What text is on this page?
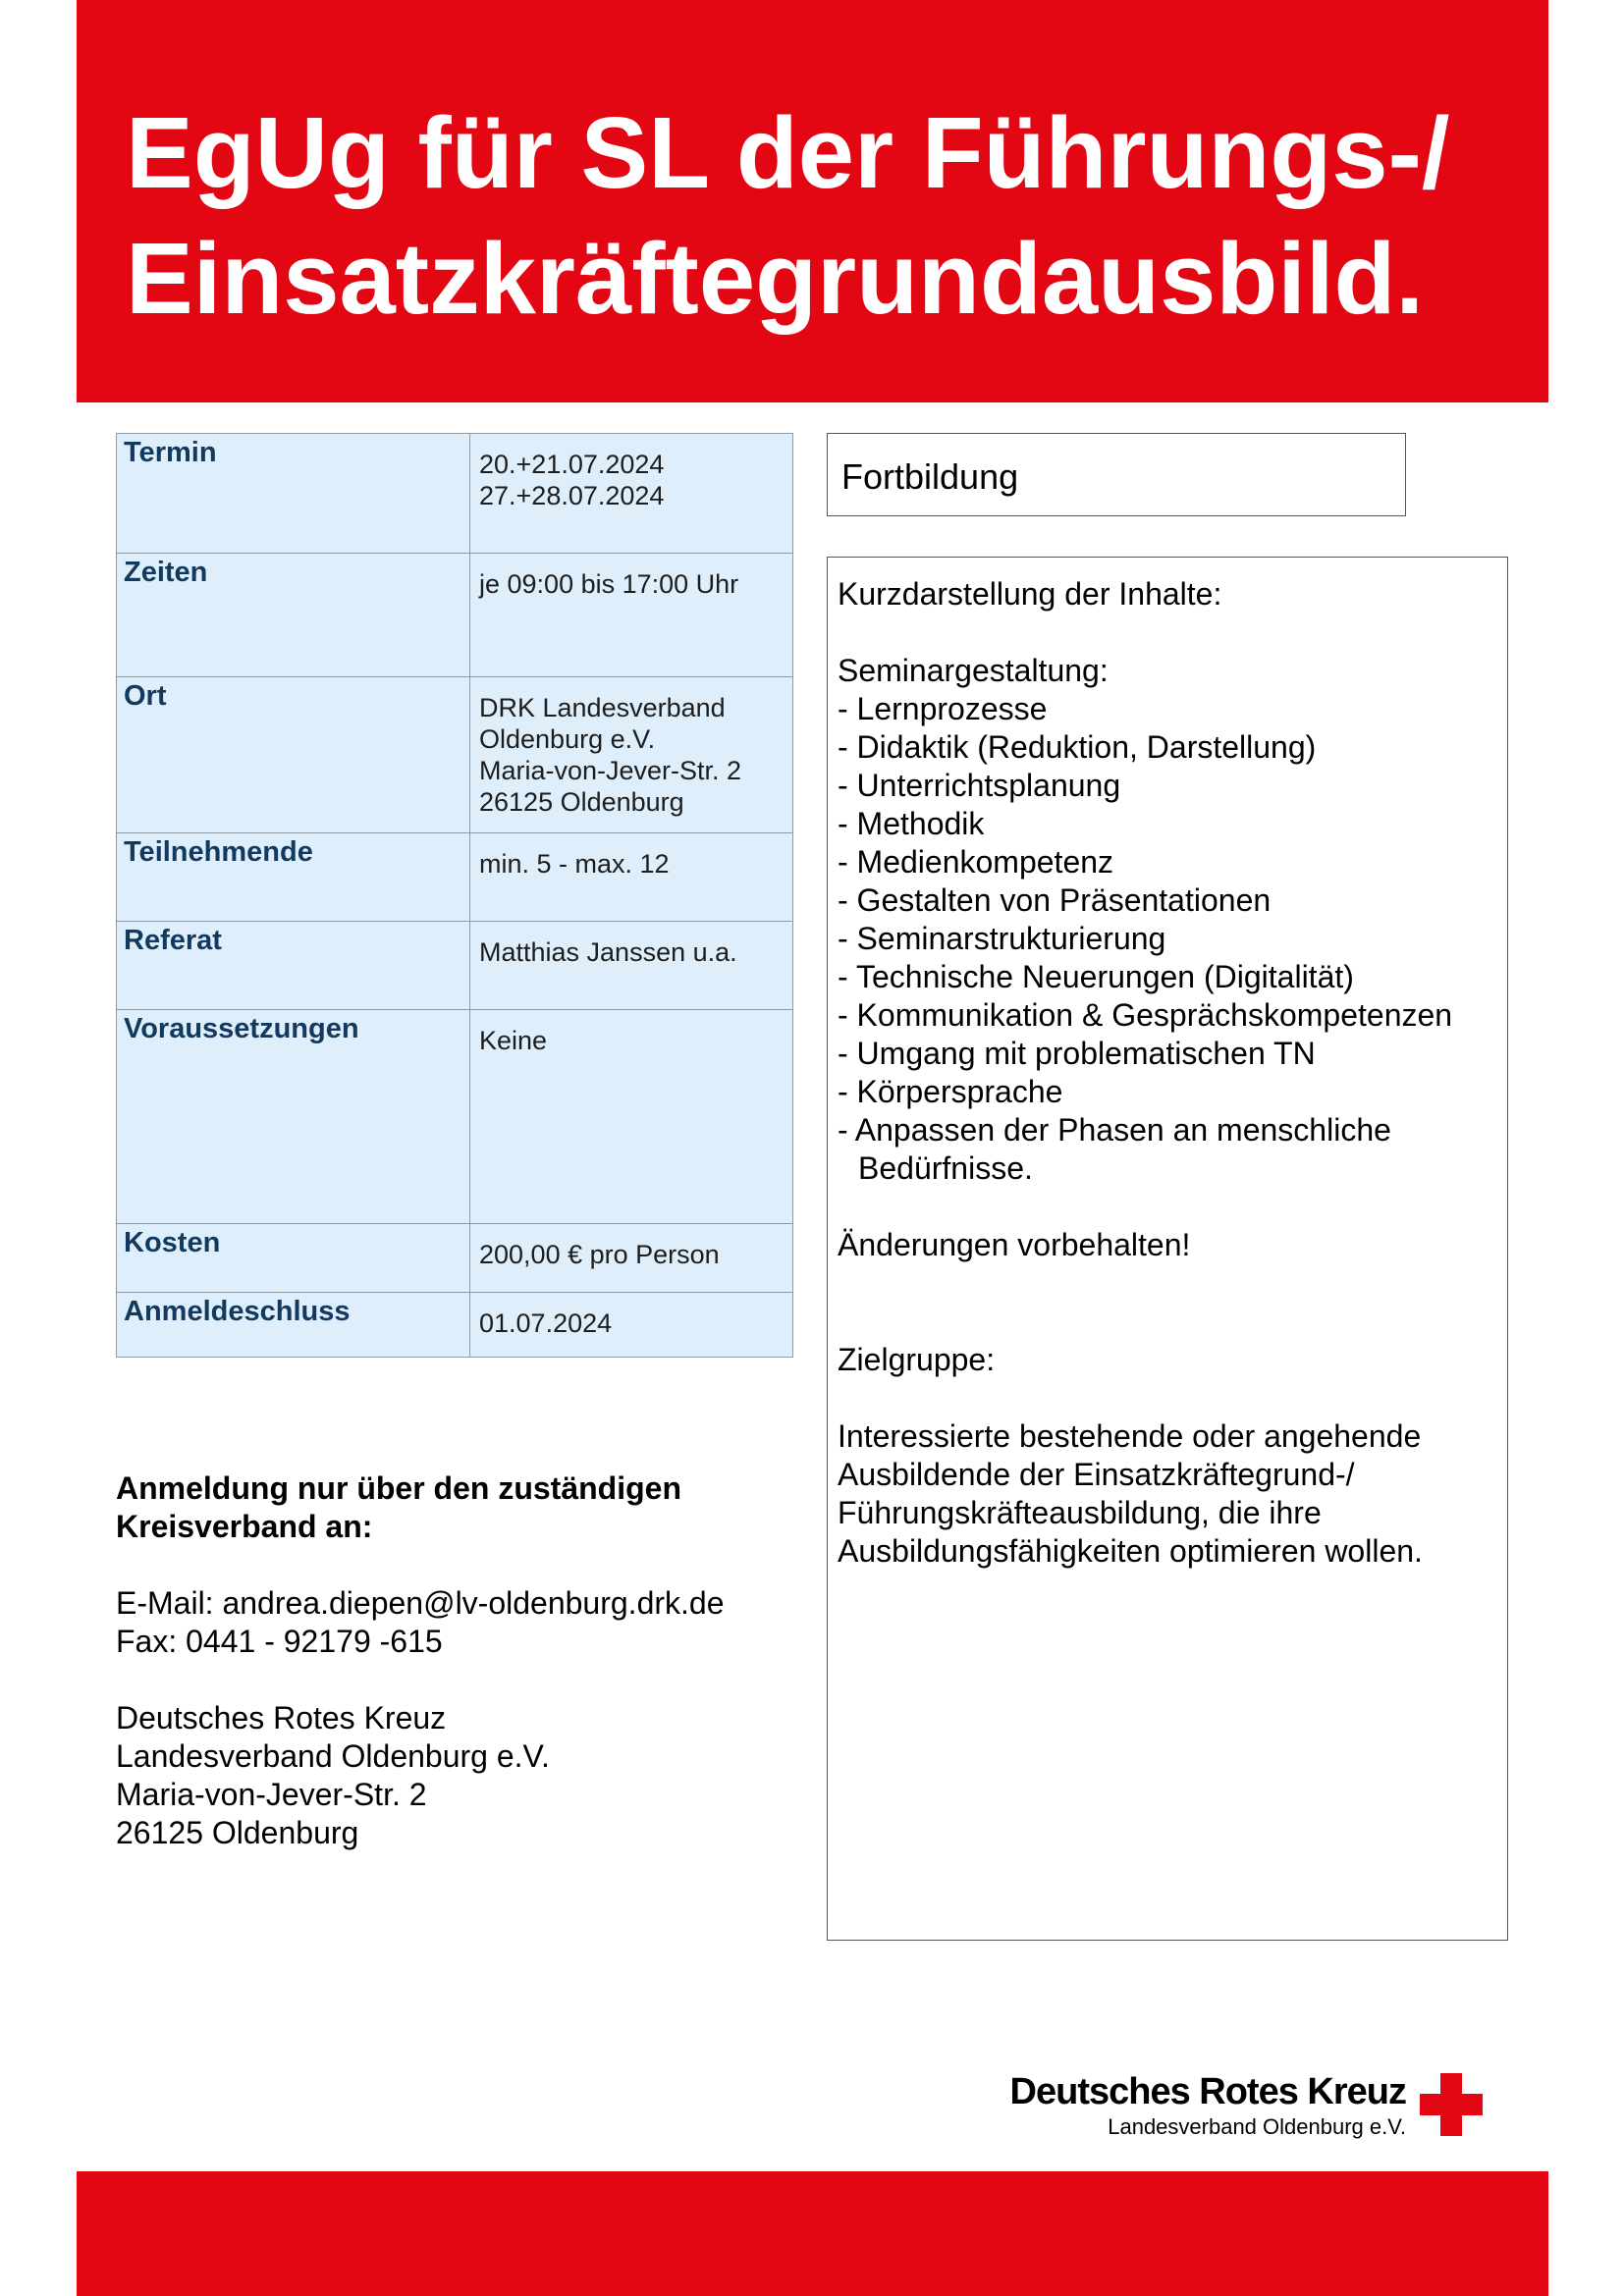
EgUg für SL der Führungs-/
Einsatzkräftegrundausbild.
Termin	20.+21.07.2024
27.+28.07.2024

Zeiten	je 09:00 bis 17:00 Uhr

Ort	DRK Landesverband
Oldenburg e.V.
Maria-von-Jever-Str. 2
26125 Oldenburg

Teilnehmende	min. 5 - max. 12

Referat	Matthias Janssen u.a.

Voraussetzungen	Keine

Kosten	200,00 € pro Person

Anmeldeschluss	01.07.2024
Fortbildung

Kurzdarstellung der Inhalte:

Seminargestaltung:

- Lernprozesse
- Didaktik (Reduktion, Darstellung)
- Unterrichtsplanung
- Methodik
- Medienkompetenz
- Gestalten von Präsentationen
- Seminarstrukturierung
- Technische Neuerungen (Digitalität)
- Kommunikation & Gesprächskompetenzen
- Umgang mit problematischen TN
- Körpersprache
- Anpassen der Phasen an menschliche Bedürfnisse.

Änderungen vorbehalten!

Zielgruppe:

Interessierte bestehende oder angehende

Ausbildende der Einsatzkräftegrund-/

Führungskräfteausbildung, die ihre

Ausbildungsfähigkeiten optimieren wollen.

Anmeldung nur über den zuständigen
Kreisverband an:
E-Mail: andrea.diepen@lv-oldenburg.drk.de
Fax: 0441 - 92179 -615
Deutsches Rotes Kreuz
Landesverband Oldenburg e.V.
Maria-von-Jever-Str. 2
26125 Oldenburg
Deutsches Rotes Kreuz
Landesverband Oldenburg e.V.
